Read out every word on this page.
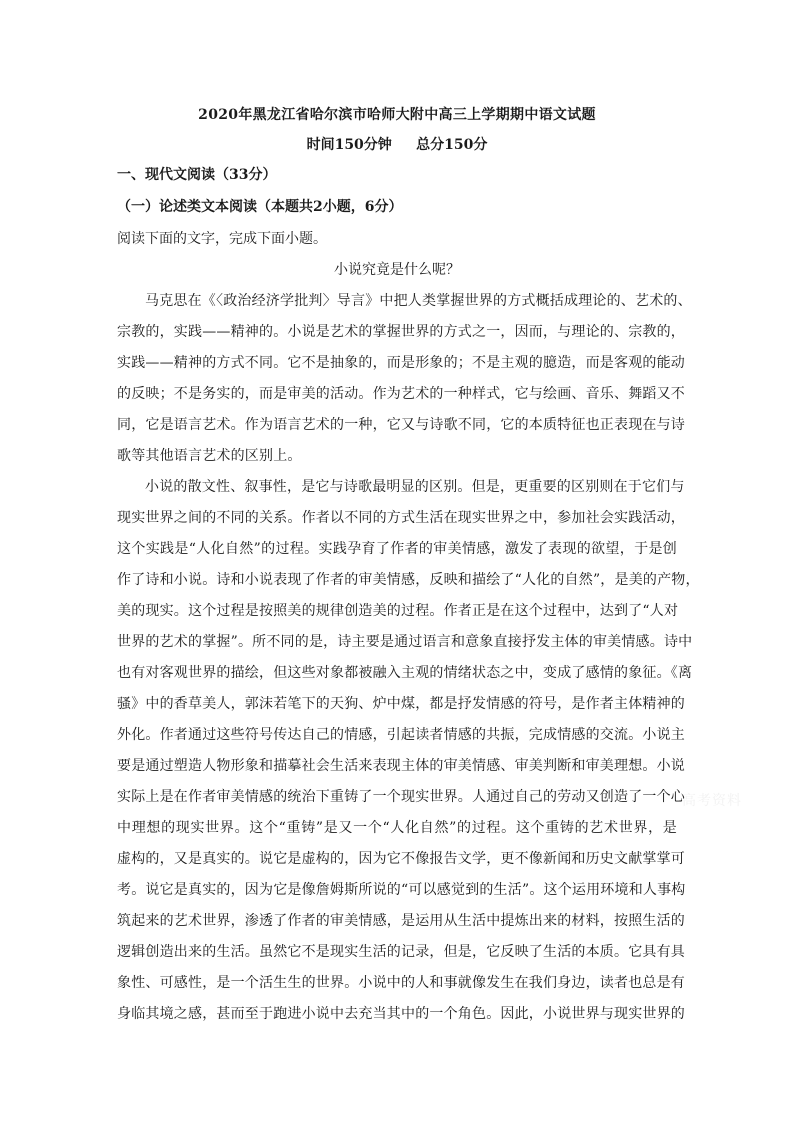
2020年黑龙江省哈尔滨市哈师大附中高三上学期期中语文试题
时间150分钟     总分150分
一、现代文阅读（33分）
（一）论述类文本阅读（本题共2小题，6分）
阅读下面的文字，完成下面小题。
小说究竟是什么呢？
马克思在《〈政治经济学批判〉导言》中把人类掌握世界的方式概括成理论的、艺术的、
宗教的，实践——精神的。小说是艺术的掌握世界的方式之一，因而，与理论的、宗教的，
实践——精神的方式不同。它不是抽象的，而是形象的；不是主观的臆造，而是客观的能动
的反映；不是务实的，而是审美的活动。作为艺术的一种样式，它与绘画、音乐、舞蹈又不
同，它是语言艺术。作为语言艺术的一种，它又与诗歌不同，它的本质特征也正表现在与诗
歌等其他语言艺术的区别上。
小说的散文性、叙事性，是它与诗歌最明显的区别。但是，更重要的区别则在于它们与
现实世界之间的不同的关系。作者以不同的方式生活在现实世界之中，参加社会实践活动，
这个实践是“人化自然”的过程。实践孕育了作者的审美情感，激发了表现的欲望，于是创
作了诗和小说。诗和小说表现了作者的审美情感，反映和描绘了“人化的自然”，是美的产物，
美的现实。这个过程是按照美的规律创造美的过程。作者正是在这个过程中，达到了“人对
世界的艺术的掌握”。所不同的是，诗主要是通过语言和意象直接抒发主体的审美情感。诗中
也有对客观世界的描绘，但这些对象都被融入主观的情绪状态之中，变成了感情的象征。《离
骚》中的香草美人，郭沫若笔下的天狗、炉中煤，都是抒发情感的符号，是作者主体精神的
外化。作者通过这些符号传达自己的情感，引起读者情感的共振，完成情感的交流。小说主
要是通过塑造人物形象和描摹社会生活来表现主体的审美情感、审美判断和审美理想。小说
实际上是在作者审美情感的统治下重铸了一个现实世界。人通过自己的劳动又创造了一个心
中理想的现实世界。这个“重铸”是又一个“人化自然”的过程。这个重铸的艺术世界，是
虚构的，又是真实的。说它是虚构的，因为它不像报告文学，更不像新闻和历史文献掌掌可
考。说它是真实的，因为它是像詹姆斯所说的“可以感觉到的生活”。这个运用环境和人事构
筑起来的艺术世界，渗透了作者的审美情感，是运用从生活中提炼出来的材料，按照生活的
逻辑创造出来的生活。虽然它不是现实生活的记录，但是，它反映了生活的本质。它具有具
象性、可感性，是一个活生生的世界。小说中的人和事就像发生在我们身边，读者也总是有
身临其境之感，甚而至于跑进小说中去充当其中的一个角色。因此，小说世界与现实世界的
高考资料
